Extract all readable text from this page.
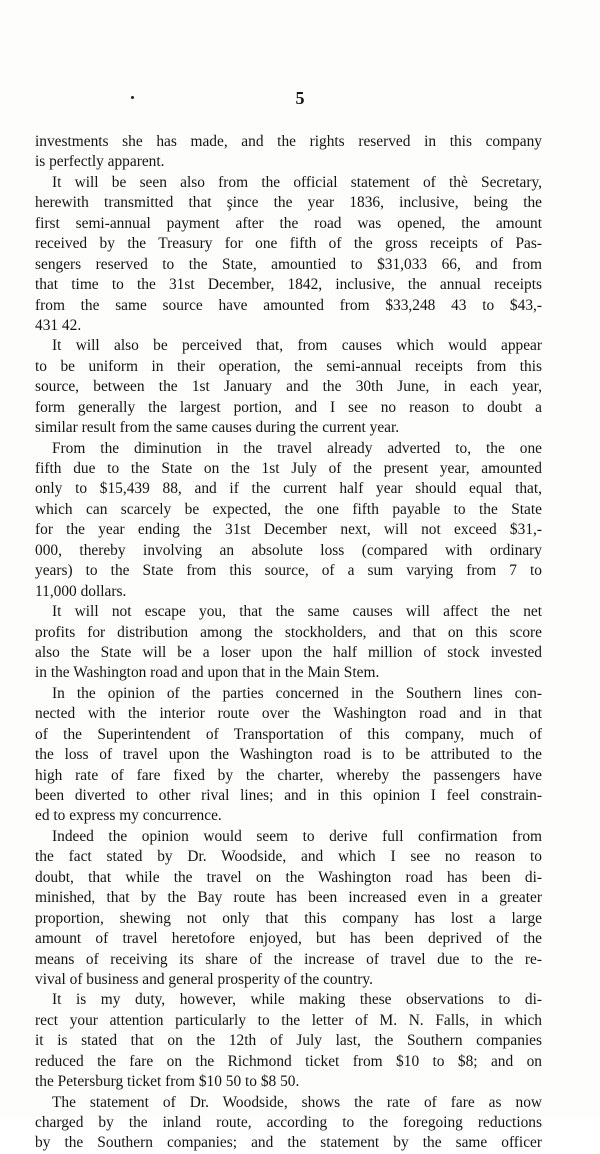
5
investments she has made, and the rights reserved in this company
is perfectly apparent.
It will be seen also from the official statement of thè Secretary,
herewith transmitted that şince the year 1836, inclusive, being the
first semi-annual payment after the road was opened, the amount
received by the Treasury for one fifth of the gross receipts of Pas-
sengers reserved to the State, amountied to $31,033 66, and from
that time to the 31st December, 1842, inclusive, the annual receipts
from the same source have amounted from $33,248 43 to $43,-
431 42.
It will also be perceived that, from causes which would appear
to be uniform in their operation, the semi-annual receipts from this
source, between the 1st January and the 30th June, in each year,
form generally the largest portion, and I see no reason to doubt a
similar result from the same causes during the current year.
From the diminution in the travel already adverted to, the one
fifth due to the State on the 1st July of the present year, amounted
only to $15,439 88, and if the current half year should equal that,
which can scarcely be expected, the one fifth payable to the State
for the year ending the 31st December next, will not exceed $31,-
000, thereby involving an absolute loss (compared with ordinary
years) to the State from this source, of a sum varying from 7 to
11,000 dollars.
It will not escape you, that the same causes will affect the net
profits for distribution among the stockholders, and that on this score
also the State will be a loser upon the half million of stock invested
in the Washington road and upon that in the Main Stem.
In the opinion of the parties concerned in the Southern lines con-
nected with the interior route over the Washington road and in that
of the Superintendent of Transportation of this company, much of
the loss of travel upon the Washington road is to be attributed to the
high rate of fare fixed by the charter, whereby the passengers have
been diverted to other rival lines; and in this opinion I feel constrain-
ed to express my concurrence.
Indeed the opinion would seem to derive full confirmation from
the fact stated by Dr. Woodside, and which I see no reason to
doubt, that while the travel on the Washington road has been di-
minished, that by the Bay route has been increased even in a greater
proportion, shewing not only that this company has lost a large
amount of travel heretofore enjoyed, but has been deprived of the
means of receiving its share of the increase of travel due to the re-
vival of business and general prosperity of the country.
It is my duty, however, while making these observations to di-
rect your attention particularly to the letter of M. N. Falls, in which
it is stated that on the 12th of July last, the Southern companies
reduced the fare on the Richmond ticket from $10 to $8; and on
the Petersburg ticket from $10 50 to $8 50.
The statement of Dr. Woodside, shows the rate of fare as now
charged by the inland route, according to the foregoing reductions
by the Southern companies; and the statement by the same officer
